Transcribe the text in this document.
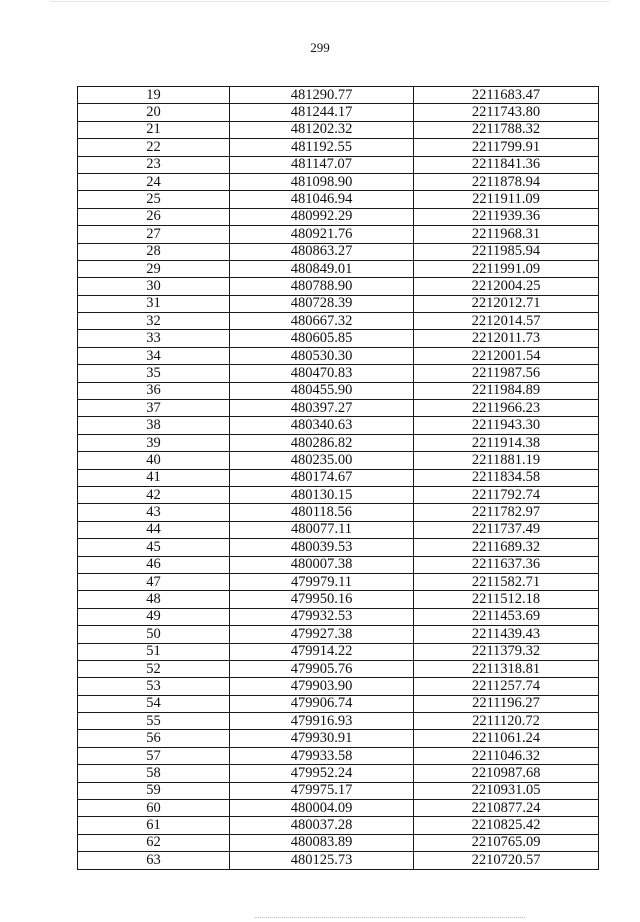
299
19	481290.77	2211683.47
20	481244.17	2211743.80
21	481202.32	2211788.32
22	481192.55	2211799.91
23	481147.07	2211841.36
24	481098.90	2211878.94
25	481046.94	2211911.09
26	480992.29	2211939.36
27	480921.76	2211968.31
28	480863.27	2211985.94
29	480849.01	2211991.09
30	480788.90	2212004.25
31	480728.39	2212012.71
32	480667.32	2212014.57
33	480605.85	2212011.73
34	480530.30	2212001.54
35	480470.83	2211987.56
36	480455.90	2211984.89
37	480397.27	2211966.23
38	480340.63	2211943.30
39	480286.82	2211914.38
40	480235.00	2211881.19
41	480174.67	2211834.58
42	480130.15	2211792.74
43	480118.56	2211782.97
44	480077.11	2211737.49
45	480039.53	2211689.32
46	480007.38	2211637.36
47	479979.11	2211582.71
48	479950.16	2211512.18
49	479932.53	2211453.69
50	479927.38	2211439.43
51	479914.22	2211379.32
52	479905.76	2211318.81
53	479903.90	2211257.74
54	479906.74	2211196.27
55	479916.93	2211120.72
56	479930.91	2211061.24
57	479933.58	2211046.32
58	479952.24	2210987.68
59	479975.17	2210931.05
60	480004.09	2210877.24
61	480037.28	2210825.42
62	480083.89	2210765.09
63	480125.73	2210720.57
